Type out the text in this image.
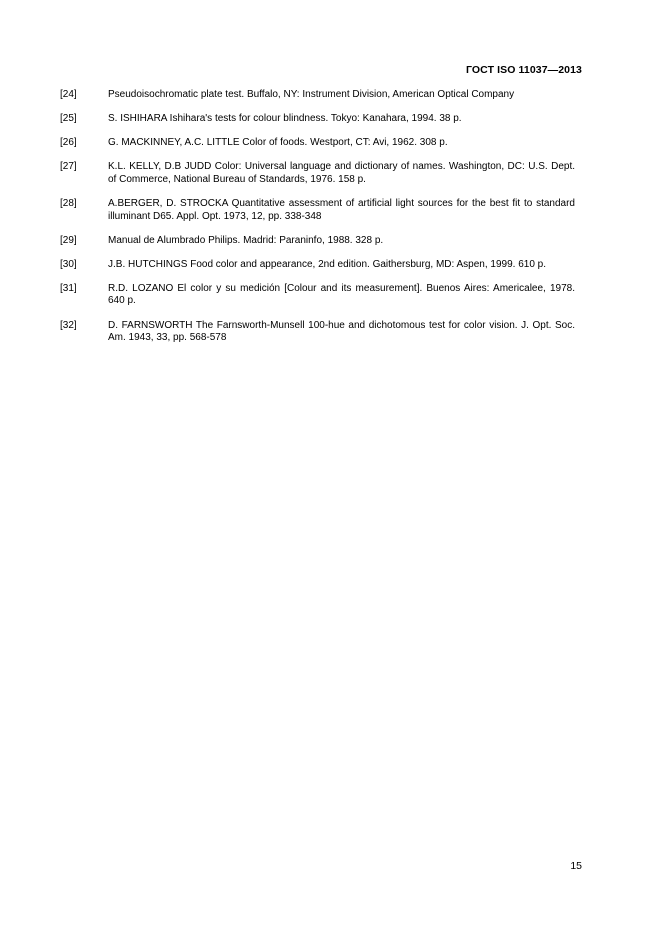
ГОСТ ISO 11037—2013
[24]	Pseudoisochromatic plate test. Buffalo, NY: Instrument Division, American Optical Company
[25]	S. ISHIHARA Ishihara's tests for colour blindness. Tokyo: Kanahara, 1994. 38 p.
[26]	G. MACKINNEY, A.C. LITTLE Color of foods. Westport, CT: Avi, 1962. 308 p.
[27]	K.L. KELLY, D.B JUDD Color: Universal language and dictionary of names. Washington, DC: U.S. Dept. of Commerce, National Bureau of Standards, 1976. 158 p.
[28]	A.BERGER, D. STROCKA Quantitative assessment of artificial light sources for the best fit to standard illuminant D65. Appl. Opt. 1973, 12, pp. 338-348
[29]	Manual de Alumbrado Philips. Madrid: Paraninfo, 1988. 328 p.
[30]	J.B. HUTCHINGS Food color and appearance, 2nd edition. Gaithersburg, MD: Aspen, 1999. 610 p.
[31]	R.D. LOZANO El color y su medición [Colour and its measurement]. Buenos Aires: Americalee, 1978. 640 p.
[32]	D. FARNSWORTH The Farnsworth-Munsell 100-hue and dichotomous test for color vision. J. Opt. Soc. Am. 1943, 33, pp. 568-578
15
